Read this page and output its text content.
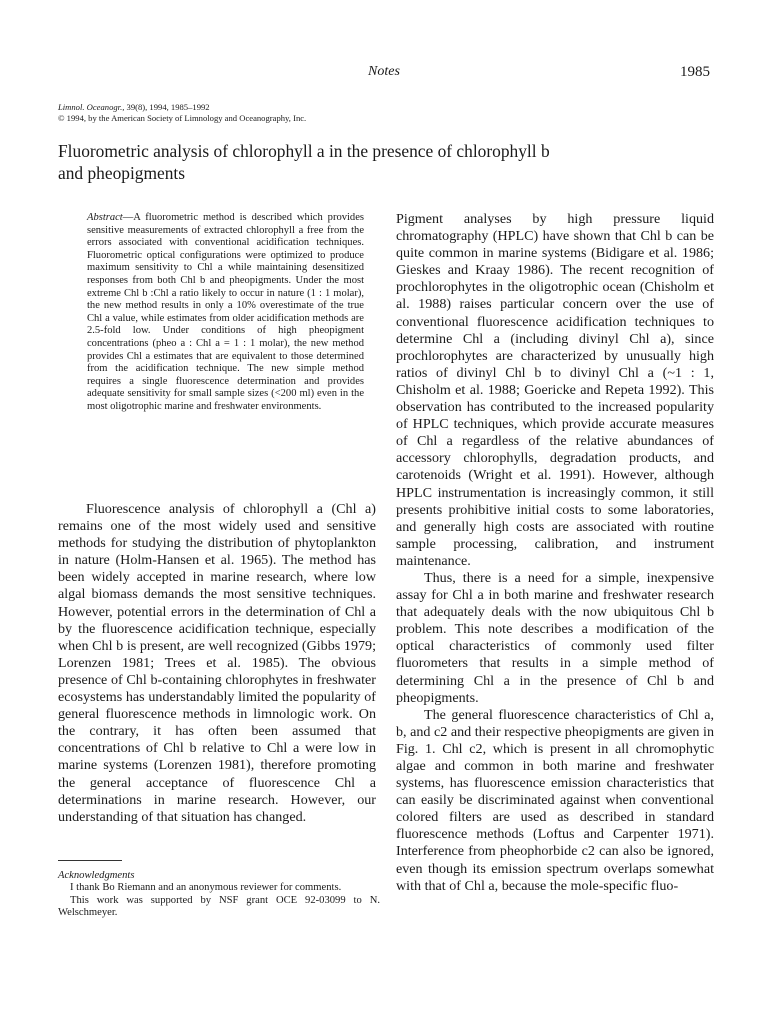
Notes	1985
Limnol. Oceanogr., 39(8), 1994, 1985–1992
© 1994, by the American Society of Limnology and Oceanography, Inc.
Fluorometric analysis of chlorophyll a in the presence of chlorophyll b and pheopigments

Abstract—A fluorometric method is described which provides sensitive measurements of extracted chlorophyll a free from the errors associated with conventional acidification techniques. Fluorometric optical configurations were optimized to produce maximum sensitivity to Chl a while maintaining desensitized responses from both Chl b and pheopigments. Under the most extreme Chl b :Chl a ratio likely to occur in nature (1 : 1 molar), the new method results in only a 10% overestimate of the true Chl a value, while estimates from older acidification methods are 2.5-fold low. Under conditions of high pheopigment concentrations (pheo a : Chl a = 1 : 1 molar), the new method provides Chl a estimates that are equivalent to those determined from the acidification technique. The new simple method requires a single fluorescence determination and provides adequate sensitivity for small sample sizes (<200 ml) even in the most oligotrophic marine and freshwater environments.

Fluorescence analysis of chlorophyll a (Chl a) remains one of the most widely used and sensitive methods for studying the distribution of phytoplankton in nature (Holm-Hansen et al. 1965). The method has been widely accepted in marine research, where low algal biomass demands the most sensitive techniques. However, potential errors in the determination of Chl a by the fluorescence acidification technique, especially when Chl b is present, are well recognized (Gibbs 1979; Lorenzen 1981; Trees et al. 1985). The obvious presence of Chl b-containing chlorophytes in freshwater ecosystems has understandably limited the popularity of general fluorescence methods in limnologic work. On the contrary, it has often been assumed that concentrations of Chl b relative to Chl a were low in marine systems (Lorenzen 1981), therefore promoting the general acceptance of fluorescence Chl a determinations in marine research. However, our understanding of that situation has changed.

Pigment analyses by high pressure liquid chromatography (HPLC) have shown that Chl b can be quite common in marine systems (Bidigare et al. 1986; Gieskes and Kraay 1986). The recent recognition of prochlorophytes in the oligotrophic ocean (Chisholm et al. 1988) raises particular concern over the use of conventional fluorescence acidification techniques to determine Chl a (including divinyl Chl a), since prochlorophytes are characterized by unusually high ratios of divinyl Chl b to divinyl Chl a (~1 : 1, Chisholm et al. 1988; Goericke and Repeta 1992). This observation has contributed to the increased popularity of HPLC techniques, which provide accurate measures of Chl a regardless of the relative abundances of accessory chlorophylls, degradation products, and carotenoids (Wright et al. 1991). However, although HPLC instrumentation is increasingly common, it still presents prohibitive initial costs to some laboratories, and generally high costs are associated with routine sample processing, calibration, and instrument maintenance.

Thus, there is a need for a simple, inexpensive assay for Chl a in both marine and freshwater research that adequately deals with the now ubiquitous Chl b problem. This note describes a modification of the optical characteristics of commonly used filter fluorometers that results in a simple method of determining Chl a in the presence of Chl b and pheopigments.

The general fluorescence characteristics of Chl a, b, and c2 and their respective pheopigments are given in Fig. 1. Chl c2, which is present in all chromophytic algae and common in both marine and freshwater systems, has fluorescence emission characteristics that can easily be discriminated against when conventional colored filters are used as described in standard fluorescence methods (Loftus and Carpenter 1971). Interference from pheophorbide c2 can also be ignored, even though its emission spectrum overlaps somewhat with that of Chl a, because the mole-specific fluo-

Acknowledgments

I thank Bo Riemann and an anonymous reviewer for comments.

This work was supported by NSF grant OCE 92-03099 to N. Welschmeyer.
